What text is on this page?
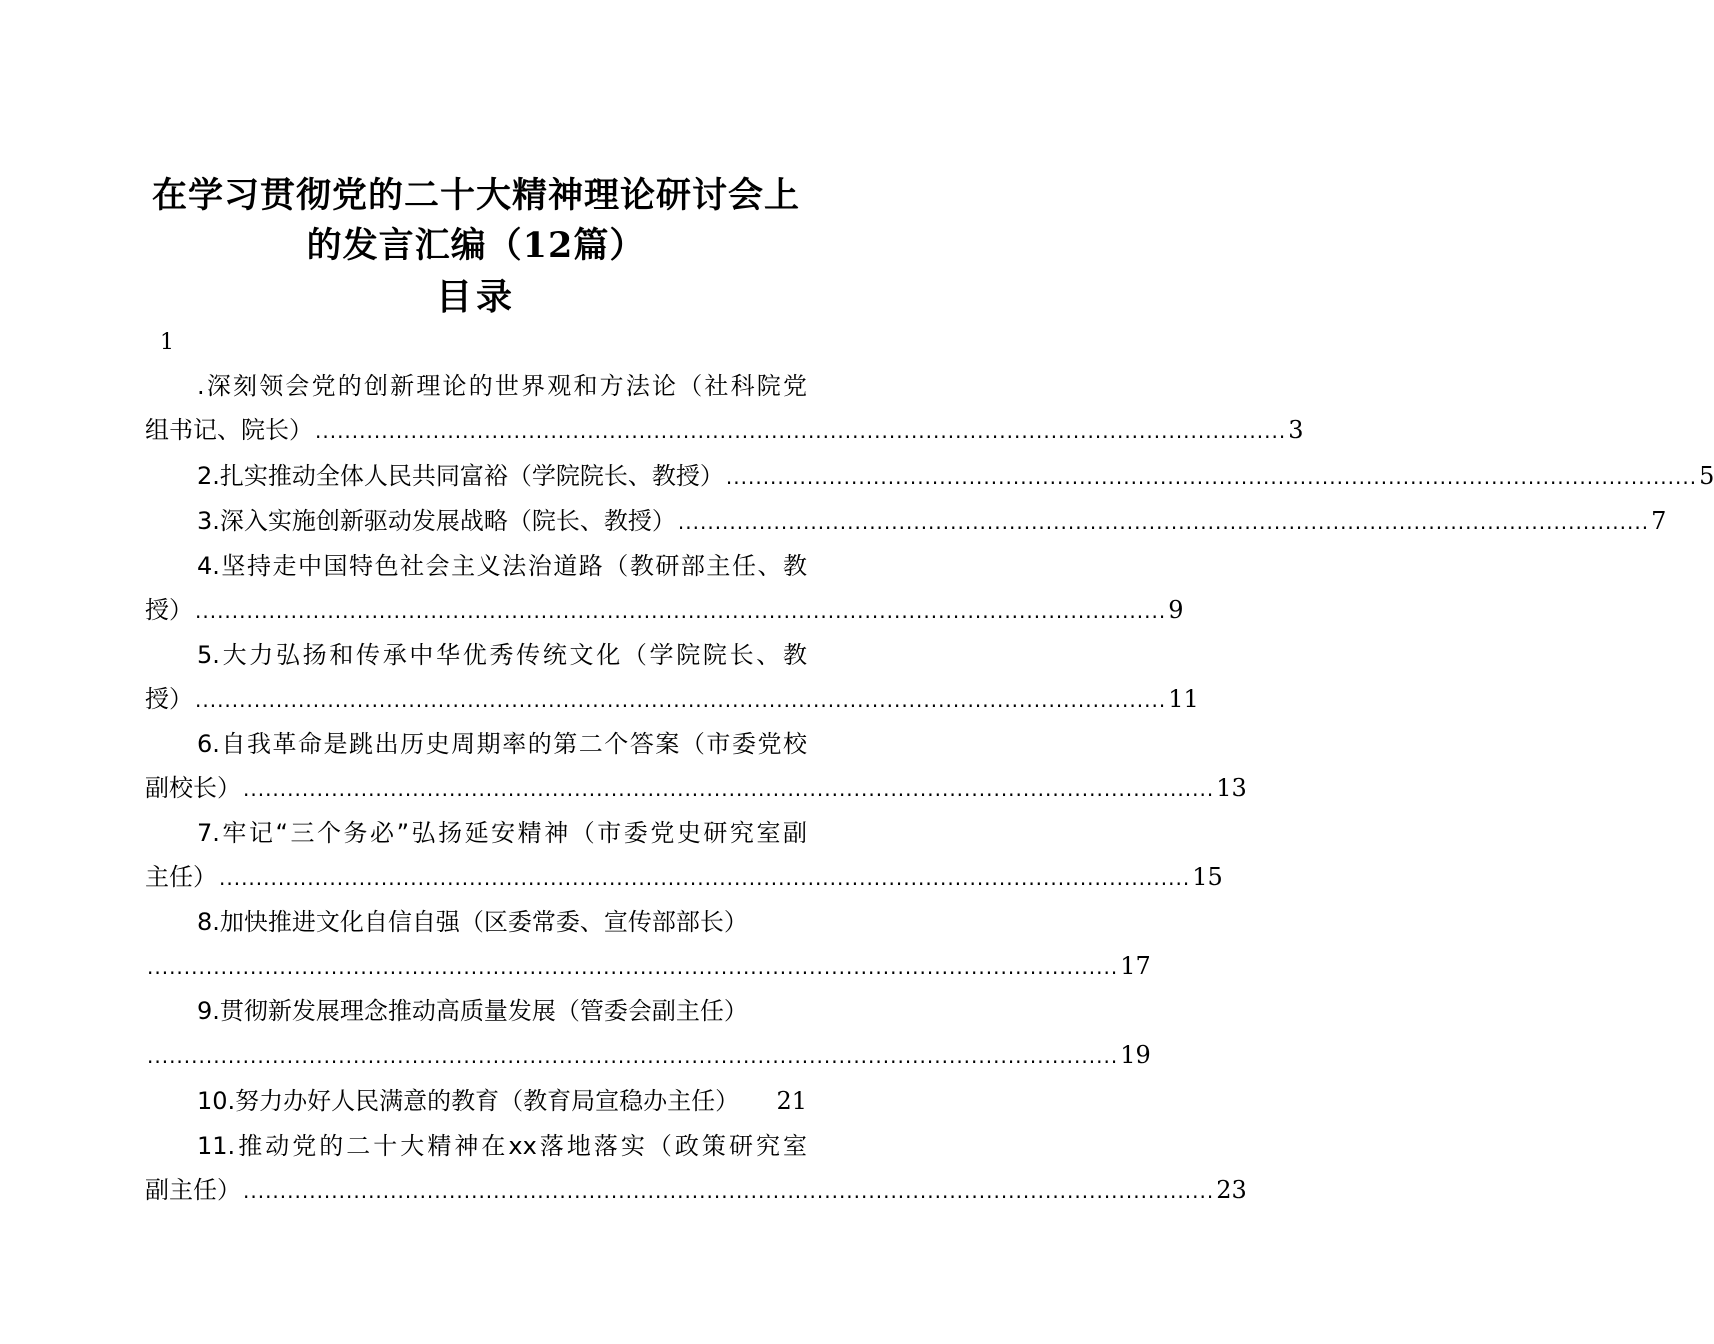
在学习贯彻党的二十大精神理论研讨会上
的发言汇编（12篇）
目录
1
.深刻领会党的创新理论的世界观和方法论（社科院党
组书记、院长） .................................................................................................................................... 3
2.扎实推动全体人民共同富裕（学院院长、教授） .................................................................................................................................... 5
3.深入实施创新驱动发展战略（院长、教授） .................................................................................................................................... 7
4.坚持走中国特色社会主义法治道路（教研部主任、教
授） .................................................................................................................................... 9
5.大力弘扬和传承中华优秀传统文化（学院院长、教
授） .................................................................................................................................... 11
6.自我革命是跳出历史周期率的第二个答案（市委党校
副校长） .................................................................................................................................... 13
7.牢记“三个务必”弘扬延安精神（市委党史研究室副
主任） .................................................................................................................................... 15
8.加快推进文化自信自强（区委常委、宣传部部长）
.................................................................................................................................... 17
9.贯彻新发展理念推动高质量发展（管委会副主任）
.................................................................................................................................... 19
10.努力办好人民满意的教育（教育局宣稳办主任） 21
11.推动党的二十大精神在xx落地落实（政策研究室
副主任） .................................................................................................................................... 23
